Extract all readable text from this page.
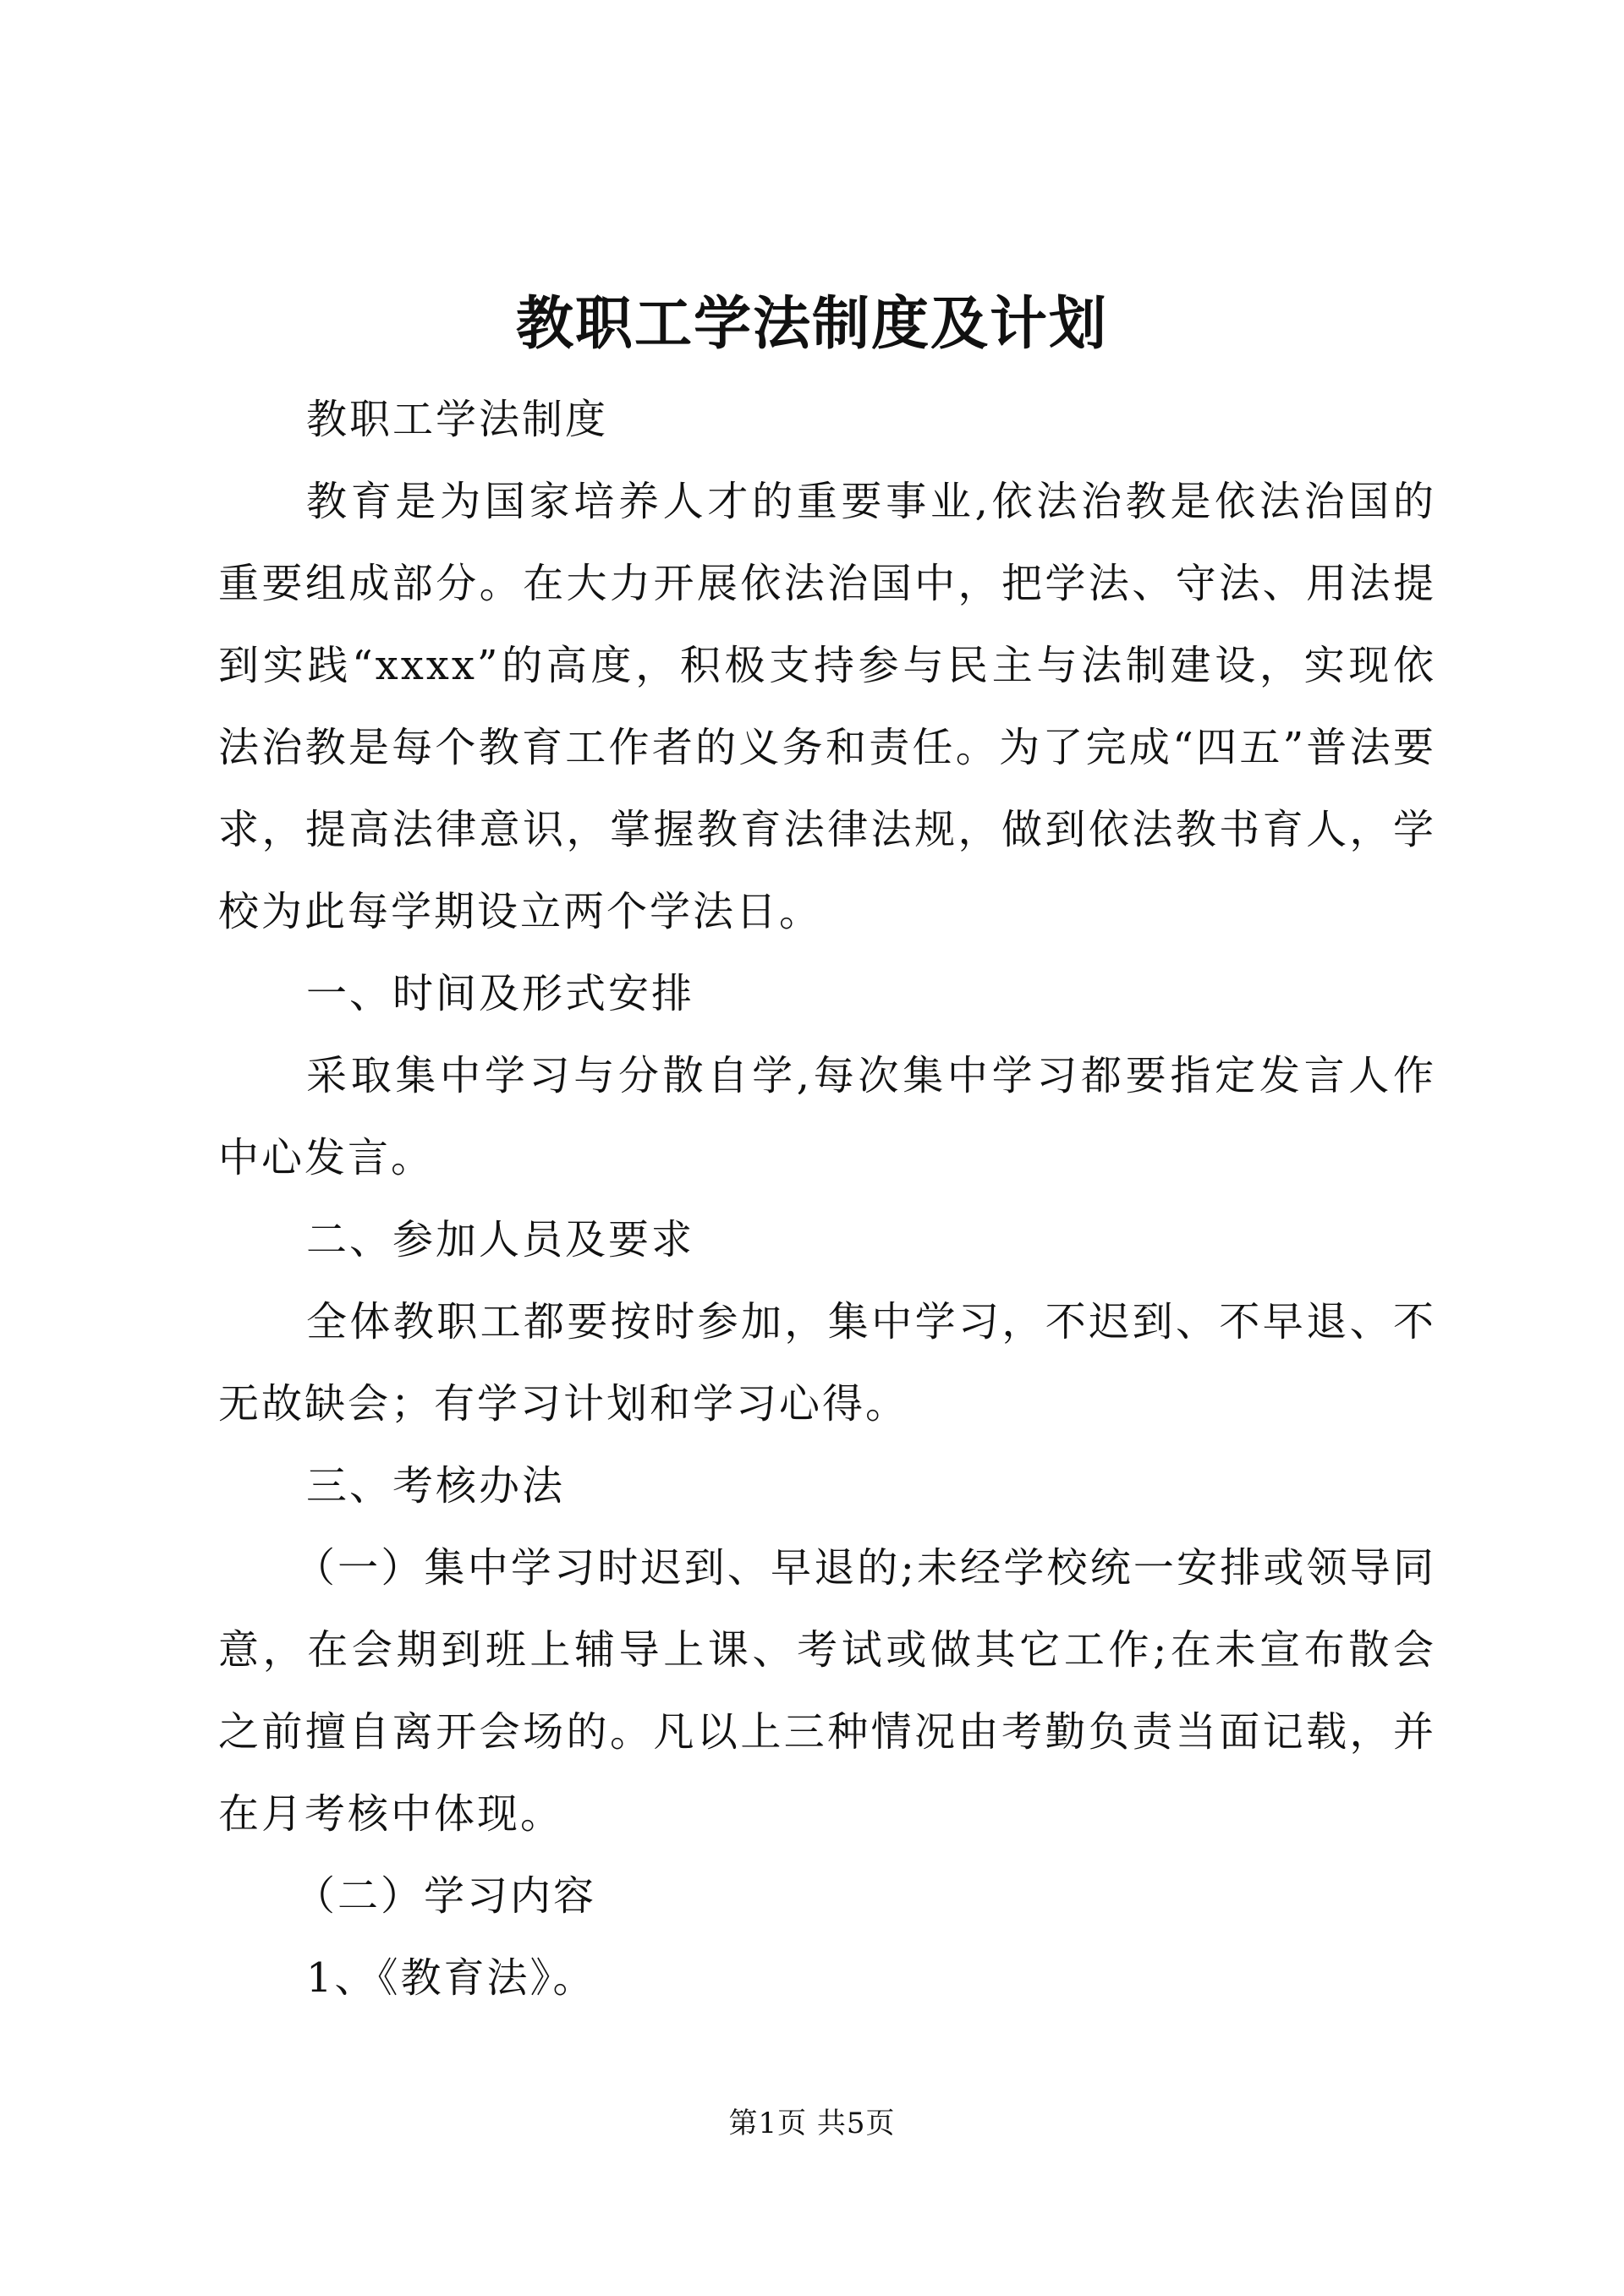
教职工学法制度及计划

教职工学法制度

教育是为国家培养人才的重要事业,依法治教是依法治国的重要组成部分。在大力开展依法治国中，把学法、守法、用法提到实践“xxxx”的高度，积极支持参与民主与法制建设，实现依法治教是每个教育工作者的义务和责任。为了完成“四五”普法要求，提高法律意识，掌握教育法律法规，做到依法教书育人，学校为此每学期设立两个学法日。

一、时间及形式安排

采取集中学习与分散自学,每次集中学习都要指定发言人作中心发言。

二、参加人员及要求

全体教职工都要按时参加，集中学习，不迟到、不早退、不无故缺会；有学习计划和学习心得。

三、考核办法

（一）集中学习时迟到、早退的;未经学校统一安排或领导同意，在会期到班上辅导上课、考试或做其它工作;在未宣布散会之前擅自离开会场的。凡以上三种情况由考勤负责当面记载，并在月考核中体现。

（二）学习内容

1、《教育法》。

第1页 共5页
